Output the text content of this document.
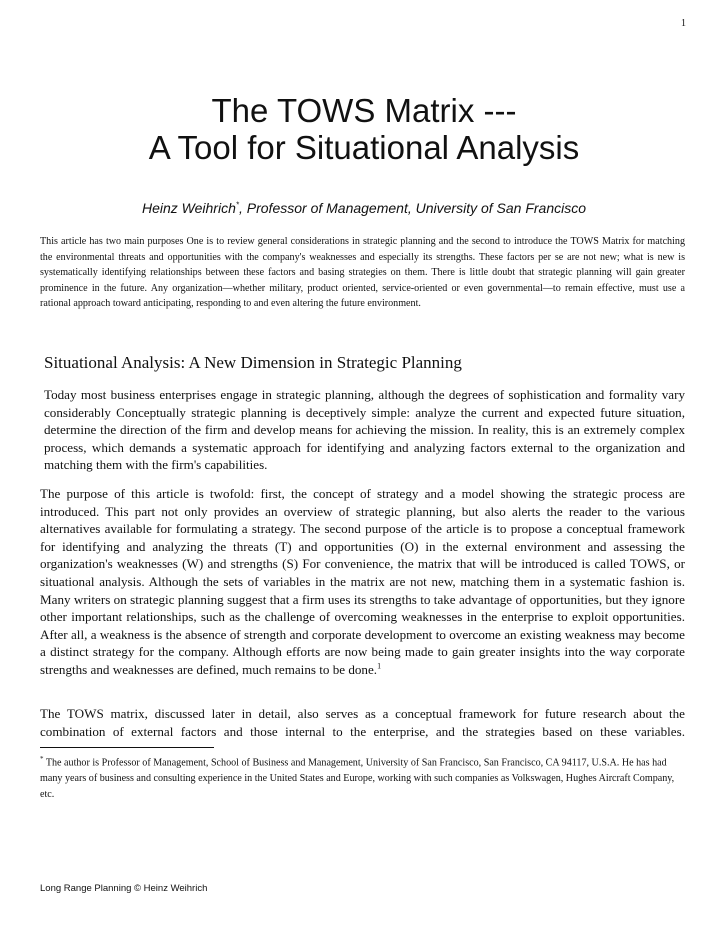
1
The TOWS Matrix ---
A Tool for Situational Analysis
Heinz Weihrich*, Professor of Management, University of San Francisco

This article has two main purposes One is to review general considerations in strategic planning and the second to introduce the TOWS Matrix for matching the environmental threats and opportunities with the company's weaknesses and especially its strengths. These factors per se are not new; what is new is systematically identifying relationships between these factors and basing strategies on them. There is little doubt that strategic planning will gain greater prominence in the future. Any organization—whether military, product oriented, service-oriented or even governmental—to remain effective, must use a rational approach toward anticipating, responding to and even altering the future environment.

Situational Analysis: A New Dimension in Strategic Planning

Today most business enterprises engage in strategic planning, although the degrees of sophistication and formality vary considerably Conceptually strategic planning is deceptively simple: analyze the current and expected future situation, determine the direction of the firm and develop means for achieving the mission. In reality, this is an extremely complex process, which demands a systematic approach for identifying and analyzing factors external to the organization and matching them with the firm's capabilities.

The purpose of this article is twofold: first, the concept of strategy and a model showing the strategic process are introduced. This part not only provides an overview of strategic planning, but also alerts the reader to the various alternatives available for formulating a strategy. The second purpose of the article is to propose a conceptual framework for identifying and analyzing the threats (T) and opportunities (O) in the external environment and assessing the organization's weaknesses (W) and strengths (S) For convenience, the matrix that will be introduced is called TOWS, or situational analysis. Although the sets of variables in the matrix are not new, matching them in a systematic fashion is. Many writers on strategic planning suggest that a firm uses its strengths to take advantage of opportunities, but they ignore other important relationships, such as the challenge of overcoming weaknesses in the enterprise to exploit opportunities. After all, a weakness is the absence of strength and corporate development to overcome an existing weakness may become a distinct strategy for the company. Although efforts are now being made to gain greater insights into the way corporate strengths and weaknesses are defined, much remains to be done.$^1$

The TOWS matrix, discussed later in detail, also serves as a conceptual framework for future research about the combination of external factors and those internal to the enterprise, and the strategies based on these variables.

* The author is Professor of Management, School of Business and Management, University of San Francisco, San Francisco, CA 94117, U.S.A. He has had many years of business and consulting experience in the United States and Europe, working with such companies as Volkswagen, Hughes Aircraft Company, etc.

Long Range Planning © Heinz Weihrich
